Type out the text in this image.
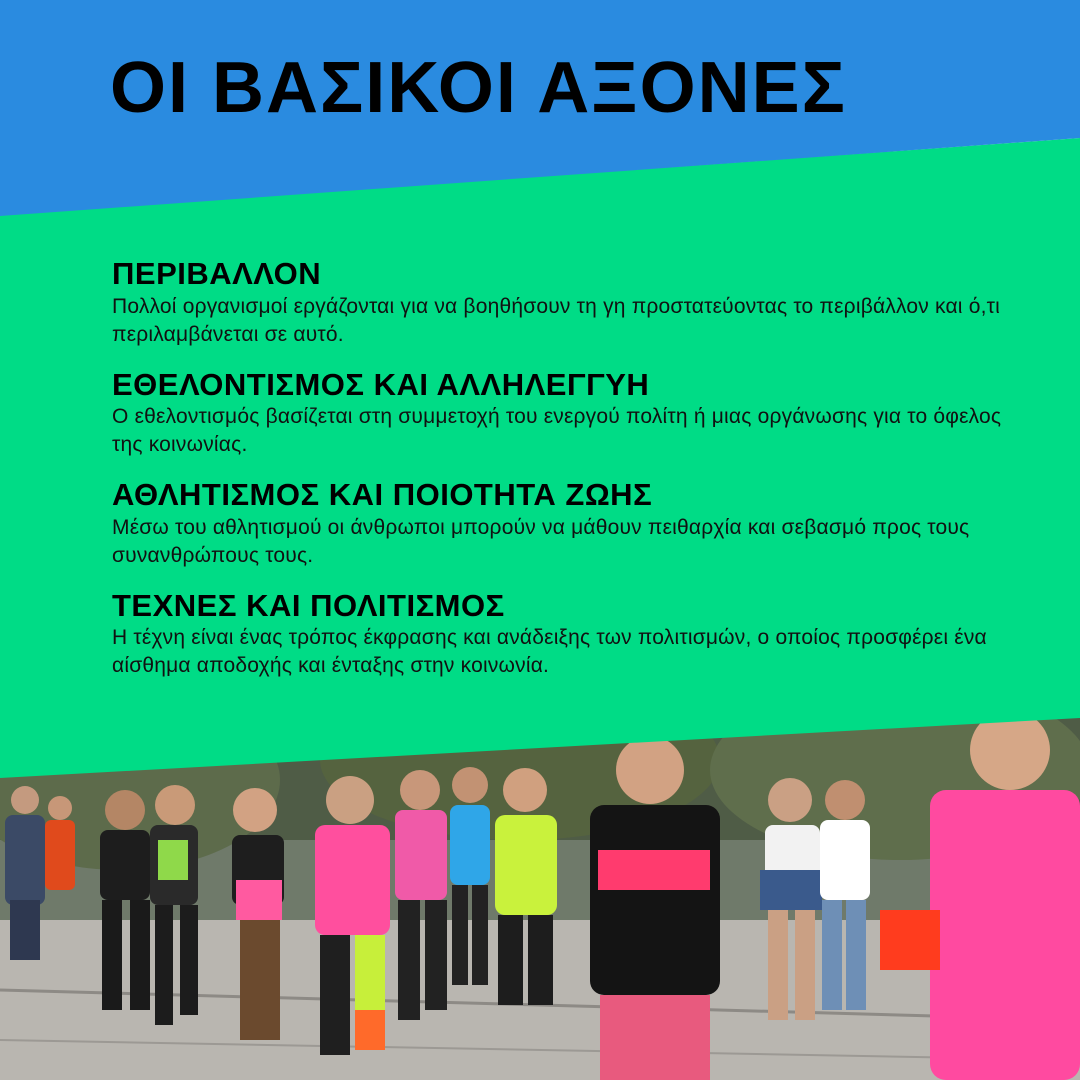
ΟΙ ΒΑΣΙΚΟΙ ΑΞΟΝΕΣ
ΠΕΡΙΒΑΛΛΟΝ

Πολλοί οργανισμοί εργάζονται για να βοηθήσουν τη γη προστατεύοντας το περιβάλλον και ό,τι περιλαμβάνεται σε αυτό.

ΕΘΕΛΟΝΤΙΣΜΟΣ ΚΑΙ ΑΛΛΗΛΕΓΓΥΗ

Ο εθελοντισμός βασίζεται στη συμμετοχή του ενεργού πολίτη ή μιας οργάνωσης για το όφελος της κοινωνίας.

ΑΘΛΗΤΙΣΜΟΣ ΚΑΙ ΠΟΙΟΤΗΤΑ ΖΩΗΣ

Μέσω του αθλητισμού οι άνθρωποι μπορούν να μάθουν πειθαρχία και σεβασμό προς τους συνανθρώπους τους.

ΤΕΧΝΕΣ ΚΑΙ ΠΟΛΙΤΙΣΜΟΣ

Η τέχνη είναι ένας τρόπος έκφρασης και ανάδειξης των πολιτισμών, ο οποίος προσφέρει ένα αίσθημα αποδοχής και ένταξης στην κοινωνία.
